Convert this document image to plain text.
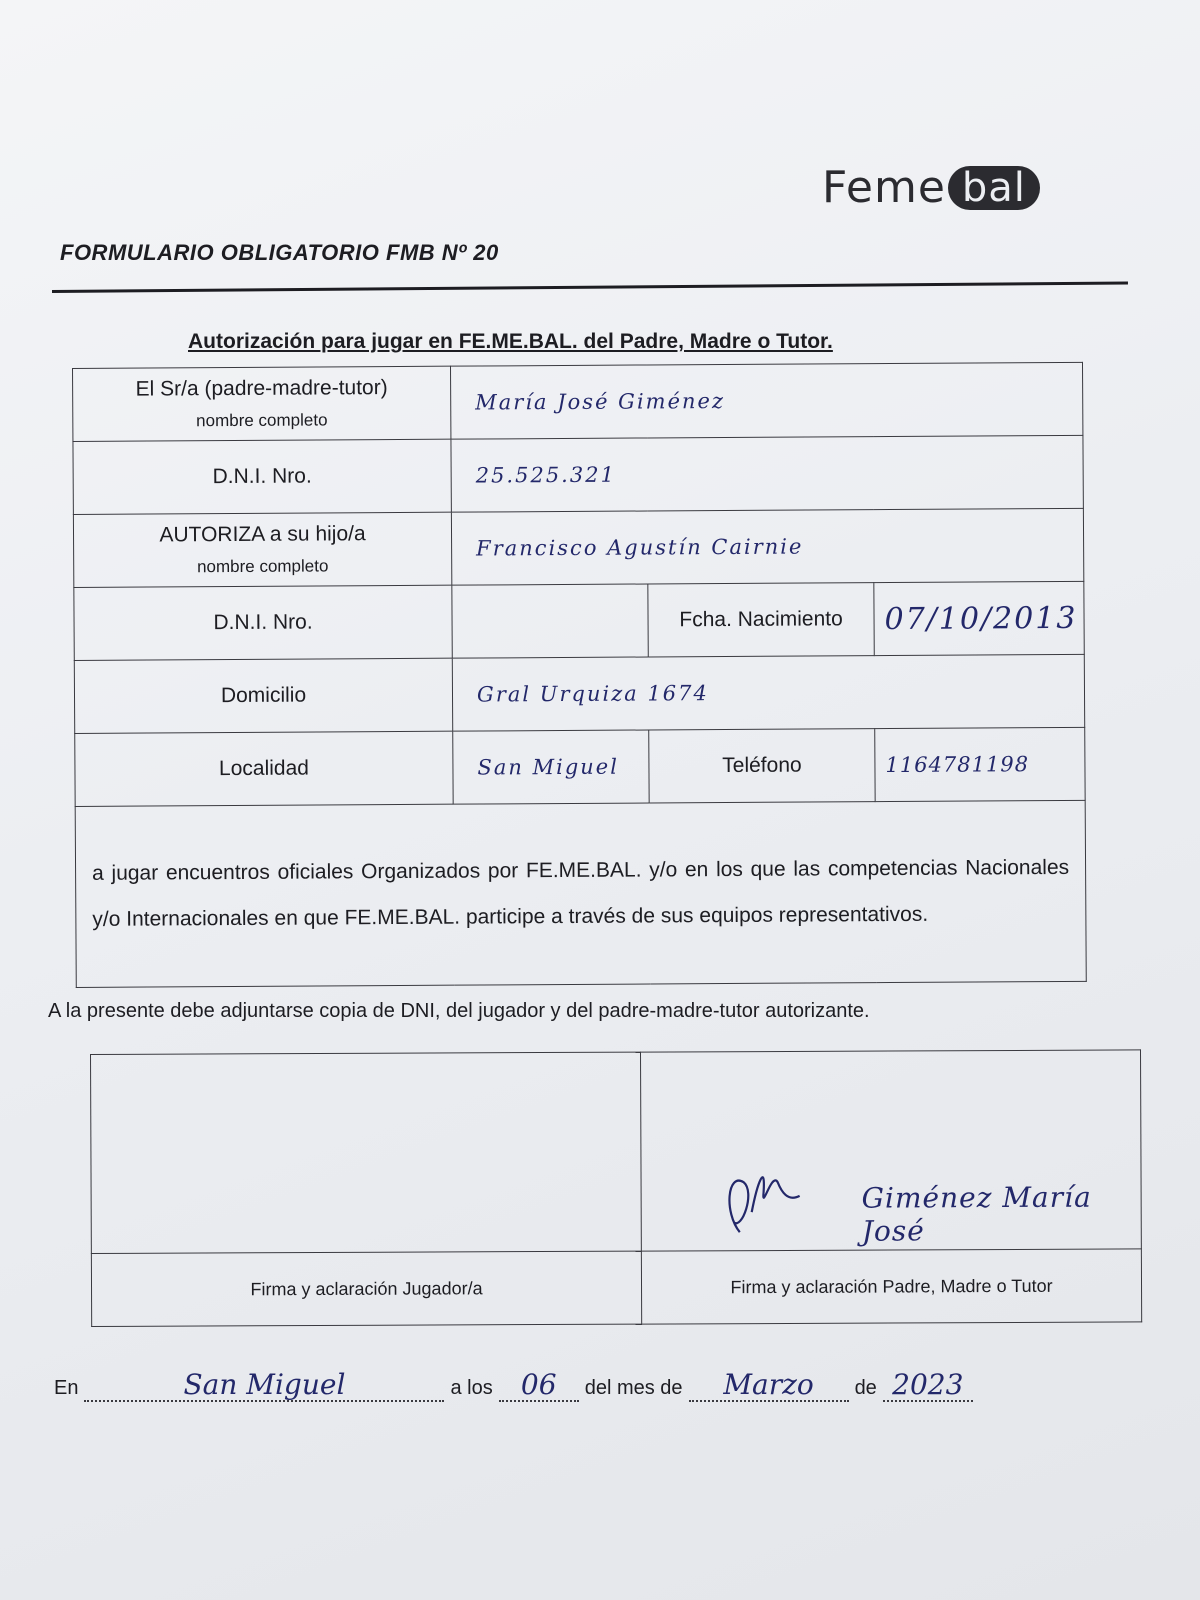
Feme bal
FORMULARIO OBLIGATORIO FMB Nº 20
Autorización para jugar en FE.ME.BAL. del Padre, Madre o Tutor.
El Sr/a (padre-madre-tutor)
nombre completo	María José Giménez		
D.N.I. Nro.	25.525.321		
AUTORIZA a su hijo/a
nombre completo	Francisco Agustín Cairnie		
D.N.I. Nro.		Fcha. Nacimiento	07/10/2013
Domicilio	Gral Urquiza 1674		
Localidad	San Miguel	Teléfono	1164781198
a jugar encuentros oficiales Organizados por FE.ME.BAL. y/o en los que las competencias Nacionales y/o Internacionales en que FE.ME.BAL. participe a través de sus equipos representativos.			
A la presente debe adjuntarse copia de DNI, del jugador y del padre-madre-tutor autorizante.

	Giménez María José

Firma y aclaración Jugador/a	Firma y aclaración Padre, Madre o Tutor
En	San Miguel	a los	06	del mes de	Marzo	de 2023
